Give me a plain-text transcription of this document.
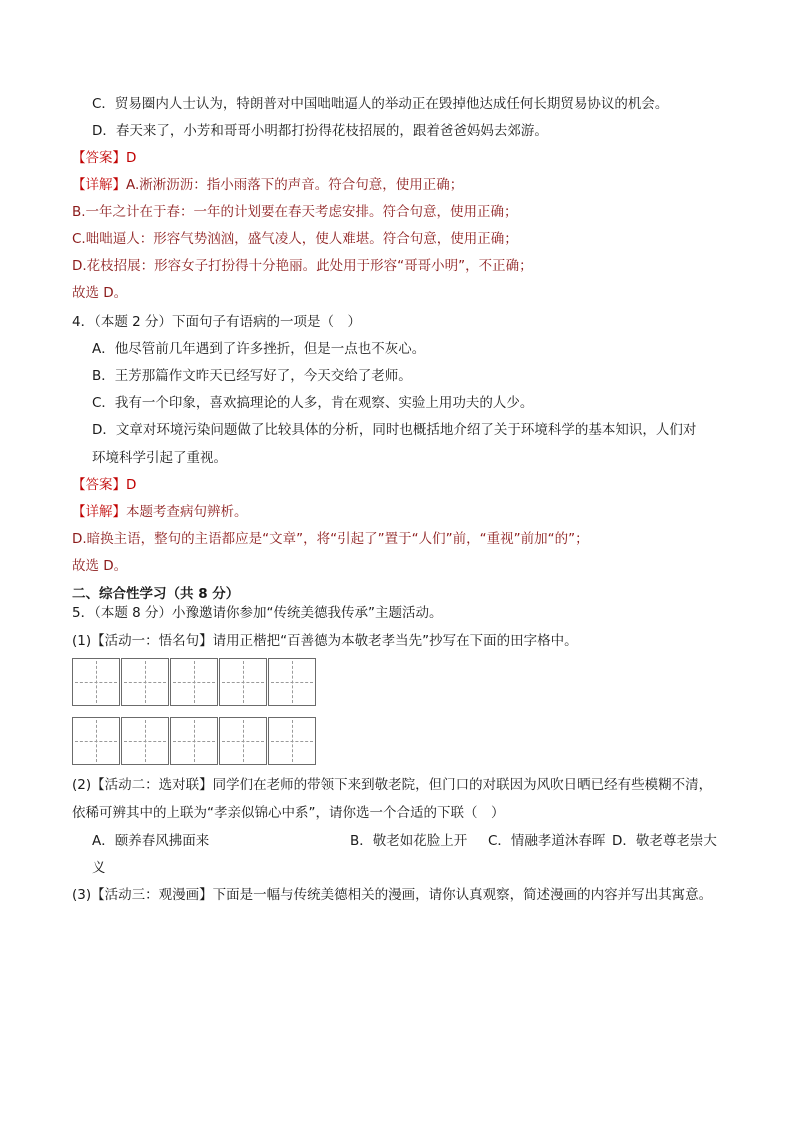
C．贸易圈内人士认为，特朗普对中国咄咄逼人的举动正在毁掉他达成任何长期贸易协议的机会。
D．春天来了，小芳和哥哥小明都打扮得花枝招展的，跟着爸爸妈妈去郊游。
【答案】D
【详解】A.淅淅沥沥：指小雨落下的声音。符合句意，使用正确；
B.一年之计在于春：一年的计划要在春天考虑安排。符合句意，使用正确；
C.咄咄逼人：形容气势汹汹，盛气凌人，使人难堪。符合句意，使用正确；
D.花枝招展：形容女子打扮得十分艳丽。此处用于形容“哥哥小明”，不正确；
故选 D。
4．（本题 2 分）下面句子有语病的一项是（　）
A．他尽管前几年遇到了许多挫折，但是一点也不灰心。
B．王芳那篇作文昨天已经写好了，今天交给了老师。
C．我有一个印象，喜欢搞理论的人多，肯在观察、实验上用功夫的人少。
D．文章对环境污染问题做了比较具体的分析，同时也概括地介绍了关于环境科学的基本知识，人们对
环境科学引起了重视。
【答案】D
【详解】本题考查病句辨析。
D.暗换主语，整句的主语都应是“文章”，将“引起了”置于“人们”前，“重视”前加“的”；
故选 D。
二、综合性学习（共 8 分）
5．（本题 8 分）小豫邀请你参加“传统美德我传承”主题活动。
(1)【活动一：悟名句】请用正楷把“百善德为本敬老孝当先”抄写在下面的田字格中。
(2)【活动二：选对联】同学们在老师的带领下来到敬老院，但门口的对联因为风吹日晒已经有些模糊不清，
依稀可辨其中的上联为“孝亲似锦心中系”，请你选一个合适的下联（　）
A．颐养春风拂面来	B．敬老如花脸上开 C．情融孝道沐春晖 D．敬老尊老崇大
义
(3)【活动三：观漫画】下面是一幅与传统美德相关的漫画，请你认真观察，简述漫画的内容并写出其寓意。
